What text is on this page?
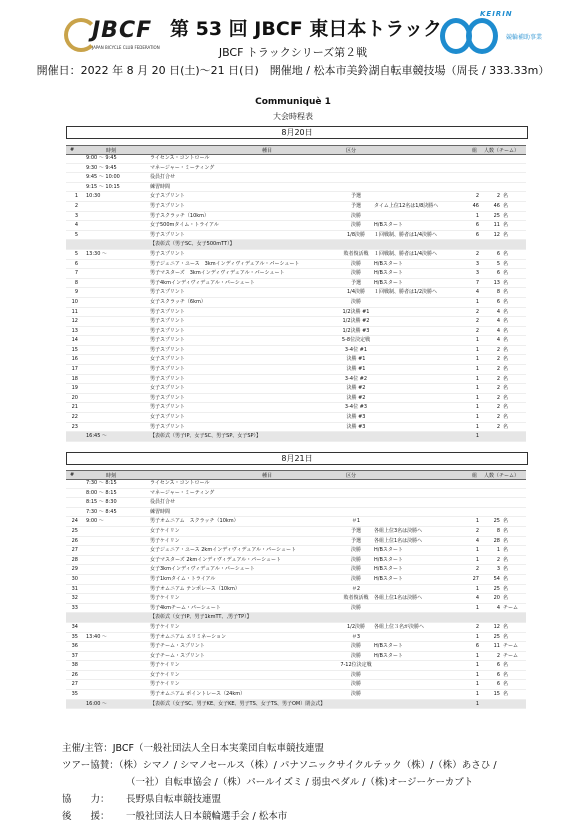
JBCF
JAPAN BICYCLE CLUB FEDERATION
第 53 回 JBCF 東日本トラック
KEIRIN
競輪補助事業
JBCF トラックシリーズ第２戦
開催日：2022 年 8 月 20 日(土)〜21 日(日)　開催地 / 松本市美鈴湖自転車競技場（周長 / 333.33m）
Communiquè 1
大会時程表
8月20日
#	時刻	種目	区分	組 人数（チーム）
9:00 〜 9:45	ライセンス・コントロール
9:30 〜 9:45	マネージャー・ミーティング
9:45 〜 10:00	役員打合せ
9:15 〜 10:15	練習時間
1 10:30	女子スプリント	予選	2	2 名
2	男子スプリント	予選	タイム上位12名は1/8決勝へ	46	46 名
3	男子スクラッチ（10km）	決勝	1	25 名
4	女子500mタイム・トライアル	決勝	H/Bスタート	6	11 名
5	男子スプリント	1/8決勝	１回戦制、勝者は1/4決勝へ	6	12 名
【表彰式（男子SC、女子500mTT）】
5 13:30 〜	男子スプリント	敗者復活戦	１回戦制、勝者は1/4決勝へ	2	6 名
6	男子ジュニア・ユース　3kmインディヴィデュアル・パーシュート	決勝	H/Bスタート	3	5 名
7	男子マスターズ　3kmインディヴィデュアル・パーシュート	決勝	H/Bスタート	3	6 名
8	男子4kmインディヴィデュアル・パーシュート	予選	H/Bスタート	7	13 名
9	男子スプリント	1/4決勝	１回戦制、勝者は1/2決勝へ	4	8 名
10	女子スクラッチ（6km）	決勝	1	6 名
11	男子スプリント	1/2決勝 #1	2	4 名
12	男子スプリント	1/2決勝 #2	2	4 名
13	男子スプリント	1/2決勝 #3	2	4 名
14	男子スプリント	5-8位決定戦	1	4 名
15	男子スプリント	3-4位 #1	1	2 名
16	女子スプリント	決勝 #1	1	2 名
17	男子スプリント	決勝 #1	1	2 名
18	男子スプリント	3-4位 #2	1	2 名
19	女子スプリント	決勝 #2	1	2 名
20	男子スプリント	決勝 #2	1	2 名
21	男子スプリント	3-4位 #3	1	2 名
22	女子スプリント	決勝 #3	1	2 名
23	男子スプリント	決勝 #3	1	2 名
16:45 〜	【表彰式（男子IP、女子SC、男子SP、女子SP）】	1
8月21日
#	時刻	種目	区分	組 人数（チーム）
7:30 〜 8:15	ライセンス・コントロール
8:00 〜 8:15	マネージャー・ミーティング
8:15 〜 8:30	役員打合せ
7:30 〜 8:45	練習時間
24 9:00 〜	男子オムニアム　スクラッチ（10km）	＃1	1	25 名
25	女子ケイリン	予選	各組上位3名は決勝へ	2	8 名
26	男子ケイリン	予選	各組上位1名は決勝へ	4	28 名
27	女子ジュニア・ユース 2kmインディヴィデュアル・パーシュート	決勝	H/Bスタート	1	1 名
28	女子マスターズ 2kmインディヴィデュアル・パーシュート	決勝	H/Bスタート	1	2 名
29	女子3kmインディヴィデュアル・パーシュート	決勝	H/Bスタート	2	3 名
30	男子1kmタイム・トライアル	決勝	H/Bスタート	27	54 名
31	男子オムニアム テンポレース（10km）	＃2	1	25 名
32	男子ケイリン	敗者復活戦	各組上位1名は決勝へ	4	20 名
33	男子4kmチーム・パーシュート	決勝	1	4 チーム
【表彰式（女子IP、男子1kmTT、,男子TP）】
34	男子ケイリン	1/2決勝	各組上位３名が決勝へ	2	12 名
35 13:40 〜	男子オムニアム エリミネーション	＃3	1	25 名
36	男子チーム・スプリント	決勝	H/Bスタート	6	11 チーム
37	女子チーム・スプリント	決勝	H/Bスタート	1	2 チーム
38	男子ケイリン	7-12位決定戦	1	6 名
26	女子ケイリン	決勝	1	6 名
27	男子ケイリン	決勝	1	6 名
35	男子オムニアム ポイントレース（24km）	決勝	1	15 名
16:00 〜	【表彰式（女子SC、男子KE、女子KE、男子TS、女子TS、男子OM）閉会式】	1
主催/主管：JBCF（一般社団法人全日本実業団自転車競技連盟
ツアー協賛：（株）シマノ / シマノセールス（株）/ パナソニックサイクルテック（株）/（株）あさひ /
（一社）自転車協会 /（株）パールイズミ / 弱虫ペダル /（株)オージーケーカブト
協　　力： 長野県自転車競技連盟
後　　援： 一般社団法人日本競輪選手会 / 松本市
